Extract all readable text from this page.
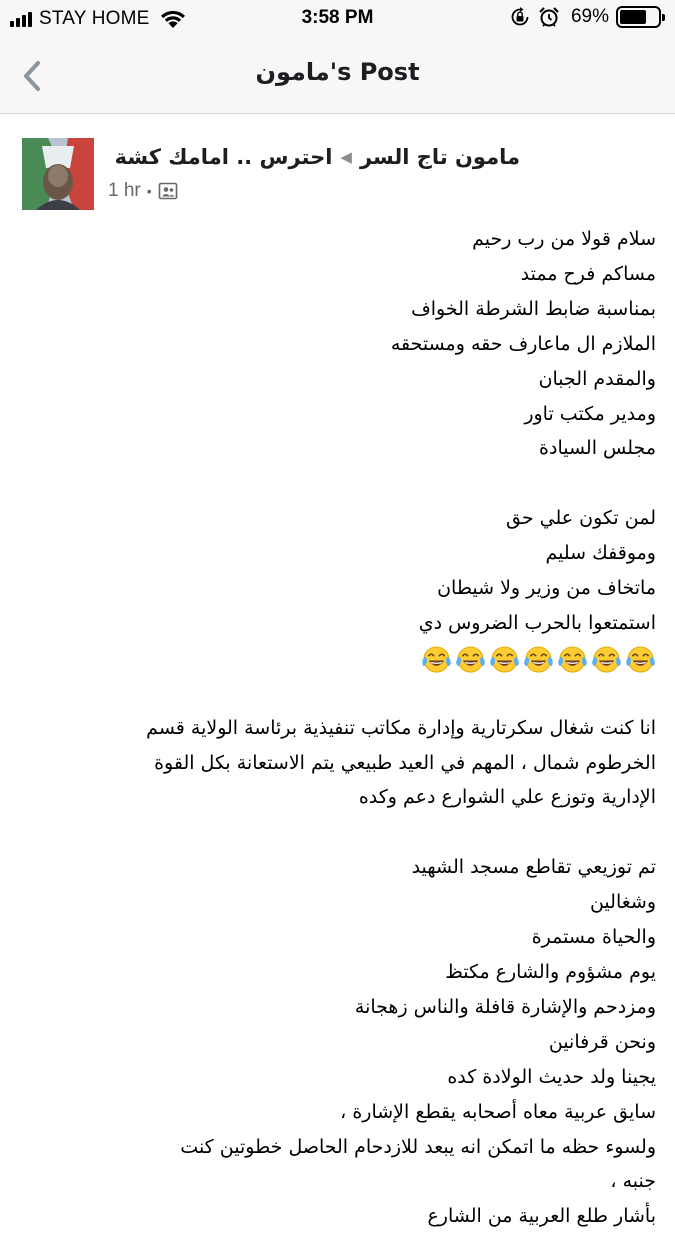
STAY HOME	3:58 PM	69%
مامون's Post
مامون تاج السر
◀
احترس .. امامك كشة
1 hr •
سلام قولا من رب رحيم
مساكم فرح ممتد
بمناسبة ضابط الشرطة الخواف
الملازم ال ماعارف حقه ومستحقه
والمقدم الجبان
ومدير مكتب تاور
مجلس السيادة
لمن تكون علي حق
وموقفك سليم
ماتخاف من وزير ولا شيطان
استمتعوا بالحرب الضروس دي
انا كنت شغال سكرتارية وإدارة مكاتب تنفيذية برئاسة الولاية قسم
الخرطوم شمال ، المهم في العيد طبيعي يتم الاستعانة بكل القوة
الإدارية وتوزع علي الشوارع دعم وكده
تم توزيعي تقاطع مسجد الشهيد
وشغالين
والحياة مستمرة
يوم مشؤوم والشارع مكتظ
ومزدحم والإشارة قافلة والناس زهجانة
ونحن قرفانين
يجينا ولد حديث الولادة كده
سايق عربية معاه أصحابه يقطع الإشارة ،
ولسوء حظه ما اتمكن انه يبعد للازدحام الحاصل خطوتين كنت
جنبه ،
بأشار طلع العربية من الشارع
